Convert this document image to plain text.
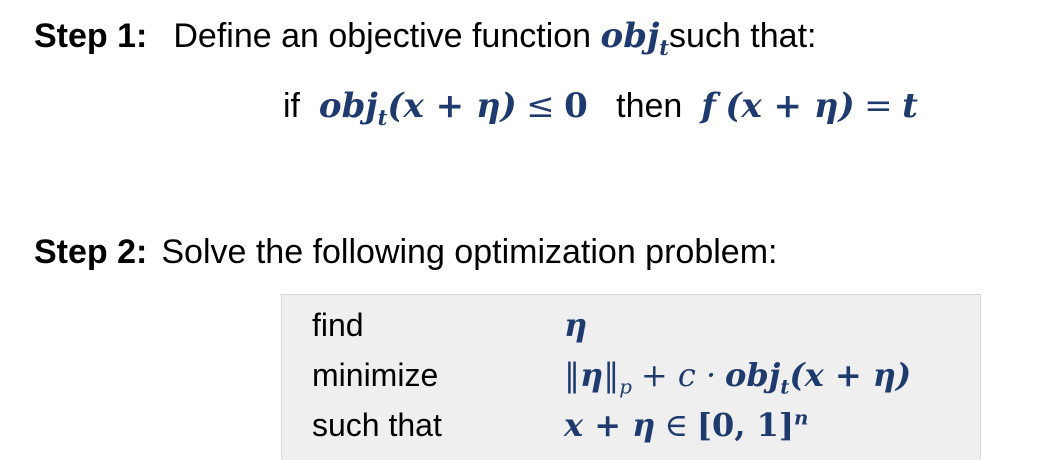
Step 1: Define an objective function obj$_t$such that:
if obj$_t$(x + η) ≤ 0 then f (x + η) = t
Step 2: Solve the following optimization problem:
find	η
minimize	$‖\eta‖_p + c \cdot obj_t(x + \eta)$
such that	x + η ∈ [0, 1]$^n$
